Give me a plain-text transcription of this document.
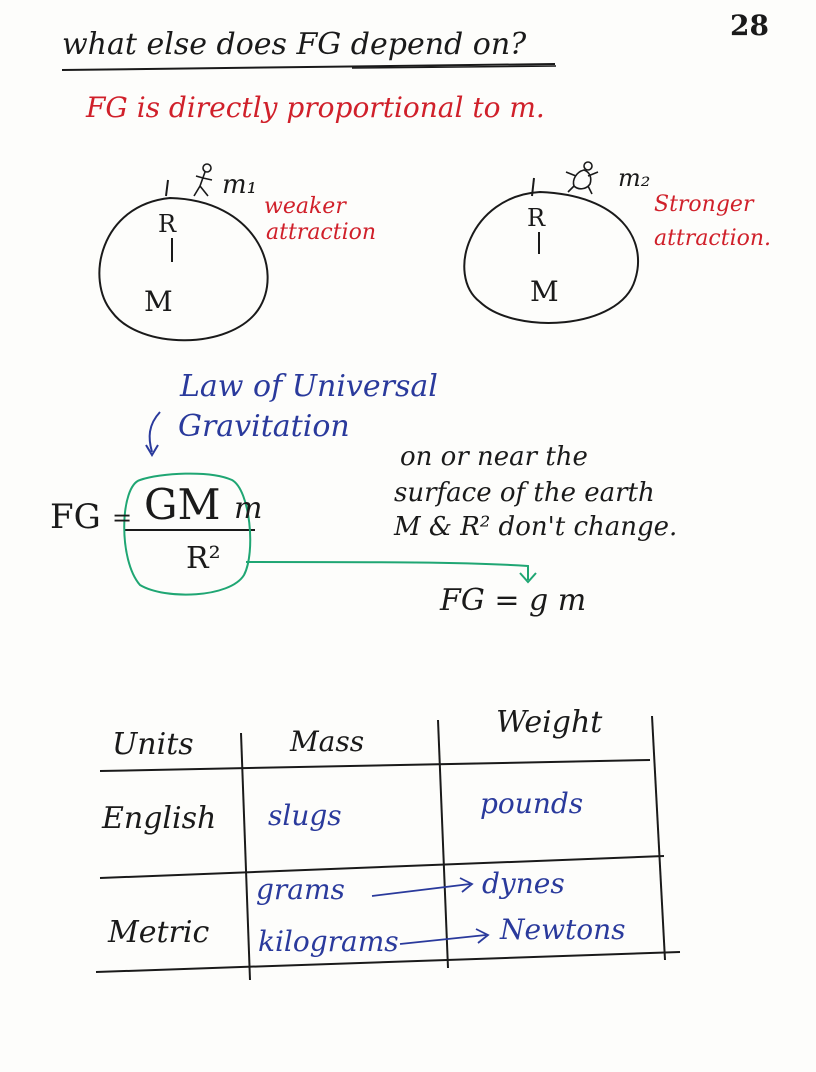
28
what else does FG depend on?
FG is directly proportional to m.
m₁
R
M
weaker
attraction
m₂
R
M
Stronger
attraction.
Law of Universal
Gravitation
FG = GM m
R²
on or near the
surface of the earth
M & R² don't change.
FG = g m
Units	Mass
Weight
English slugs	pounds
Metric
grams
kilograms
dynes
Newtons
